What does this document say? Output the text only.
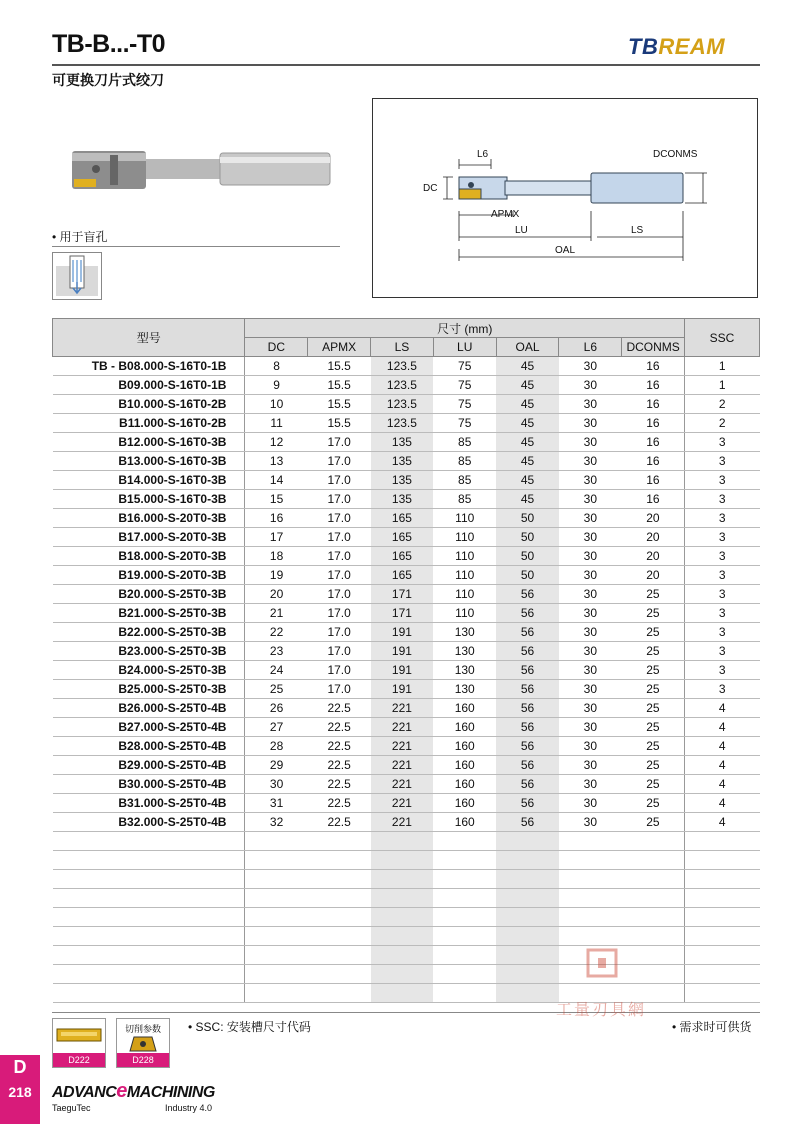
TB-B...-T0
可更换刀片式绞刀
TBREAM
• 用于盲孔
L6	DCONMS
DC
APMX
LU	LS
OAL
型号	尺寸 (mm)							SSC
	DC	APMX	LS	LU	OAL	L6	DCONMS	
TB - B08.000-S-16T0-1B	8	15.5	123.5	75	45	30	16	1
B09.000-S-16T0-1B	9	15.5	123.5	75	45	30	16	1
B10.000-S-16T0-2B	10	15.5	123.5	75	45	30	16	2
B11.000-S-16T0-2B	11	15.5	123.5	75	45	30	16	2
B12.000-S-16T0-3B	12	17.0	135	85	45	30	16	3
B13.000-S-16T0-3B	13	17.0	135	85	45	30	16	3
B14.000-S-16T0-3B	14	17.0	135	85	45	30	16	3
B15.000-S-16T0-3B	15	17.0	135	85	45	30	16	3
B16.000-S-20T0-3B	16	17.0	165	110	50	30	20	3
B17.000-S-20T0-3B	17	17.0	165	110	50	30	20	3
B18.000-S-20T0-3B	18	17.0	165	110	50	30	20	3
B19.000-S-20T0-3B	19	17.0	165	110	50	30	20	3
B20.000-S-25T0-3B	20	17.0	171	110	56	30	25	3
B21.000-S-25T0-3B	21	17.0	171	110	56	30	25	3
B22.000-S-25T0-3B	22	17.0	191	130	56	30	25	3
B23.000-S-25T0-3B	23	17.0	191	130	56	30	25	3
B24.000-S-25T0-3B	24	17.0	191	130	56	30	25	3
B25.000-S-25T0-3B	25	17.0	191	130	56	30	25	3
B26.000-S-25T0-4B	26	22.5	221	160	56	30	25	4
B27.000-S-25T0-4B	27	22.5	221	160	56	30	25	4
B28.000-S-25T0-4B	28	22.5	221	160	56	30	25	4
B29.000-S-25T0-4B	29	22.5	221	160	56	30	25	4
B30.000-S-25T0-4B	30	22.5	221	160	56	30	25	4
B31.000-S-25T0-4B	31	22.5	221	160	56	30	25	4
B32.000-S-25T0-4B	32	22.5	221	160	56	30	25	4

D222
切削参数
D228
• SSC: 安装槽尺寸代码	• 需求时可供货
工量刃具網
D
218	ADVANCeMACHINING
TaeguTec	Industry 4.0
